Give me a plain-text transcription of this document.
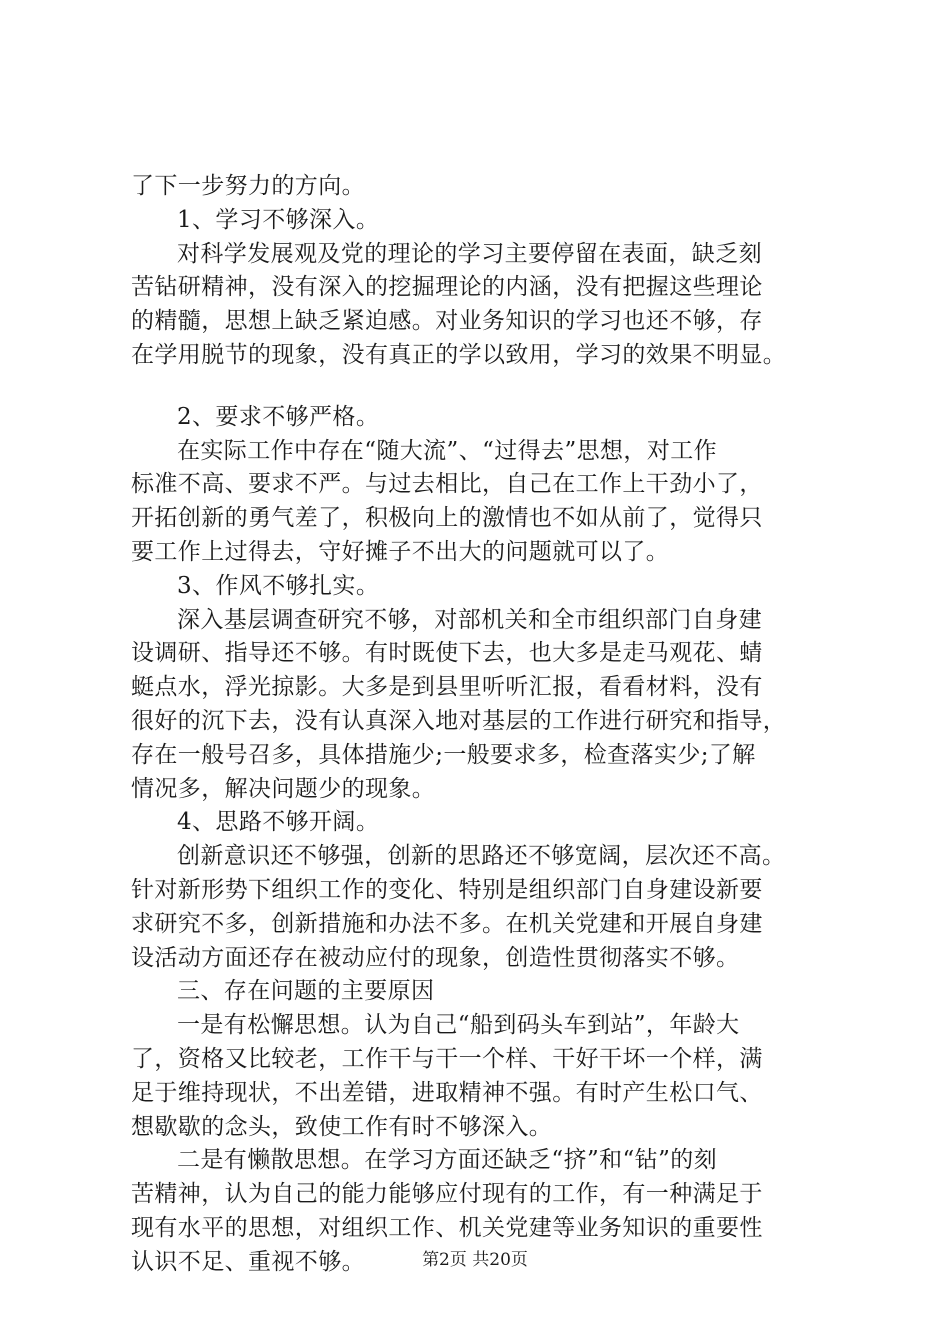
了下一步努力的方向。
1、学习不够深入。
对科学发展观及党的理论的学习主要停留在表面，缺乏刻
苦钻研精神，没有深入的挖掘理论的内涵，没有把握这些理论
的精髓，思想上缺乏紧迫感。对业务知识的学习也还不够，存
在学用脱节的现象，没有真正的学以致用，学习的效果不明显。
2、要求不够严格。
在实际工作中存在“随大流”、“过得去”思想，对工作
标准不高、要求不严。与过去相比，自己在工作上干劲小了，
开拓创新的勇气差了，积极向上的激情也不如从前了，觉得只
要工作上过得去，守好摊子不出大的问题就可以了。
3、作风不够扎实。
深入基层调查研究不够，对部机关和全市组织部门自身建
设调研、指导还不够。有时既使下去，也大多是走马观花、蜻
蜓点水，浮光掠影。大多是到县里听听汇报，看看材料，没有
很好的沉下去，没有认真深入地对基层的工作进行研究和指导，
存在一般号召多，具体措施少;一般要求多，检查落实少;了解
情况多，解决问题少的现象。
4、思路不够开阔。
创新意识还不够强，创新的思路还不够宽阔，层次还不高。
针对新形势下组织工作的变化、特别是组织部门自身建设新要
求研究不多，创新措施和办法不多。在机关党建和开展自身建
设活动方面还存在被动应付的现象，创造性贯彻落实不够。
三、存在问题的主要原因
一是有松懈思想。认为自己“船到码头车到站”，年龄大
了，资格又比较老，工作干与干一个样、干好干坏一个样，满
足于维持现状，不出差错，进取精神不强。有时产生松口气、
想歇歇的念头，致使工作有时不够深入。
二是有懒散思想。在学习方面还缺乏“挤”和“钻”的刻
苦精神，认为自己的能力能够应付现有的工作，有一种满足于
现有水平的思想，对组织工作、机关党建等业务知识的重要性
认识不足、重视不够。	第2页 共20页
